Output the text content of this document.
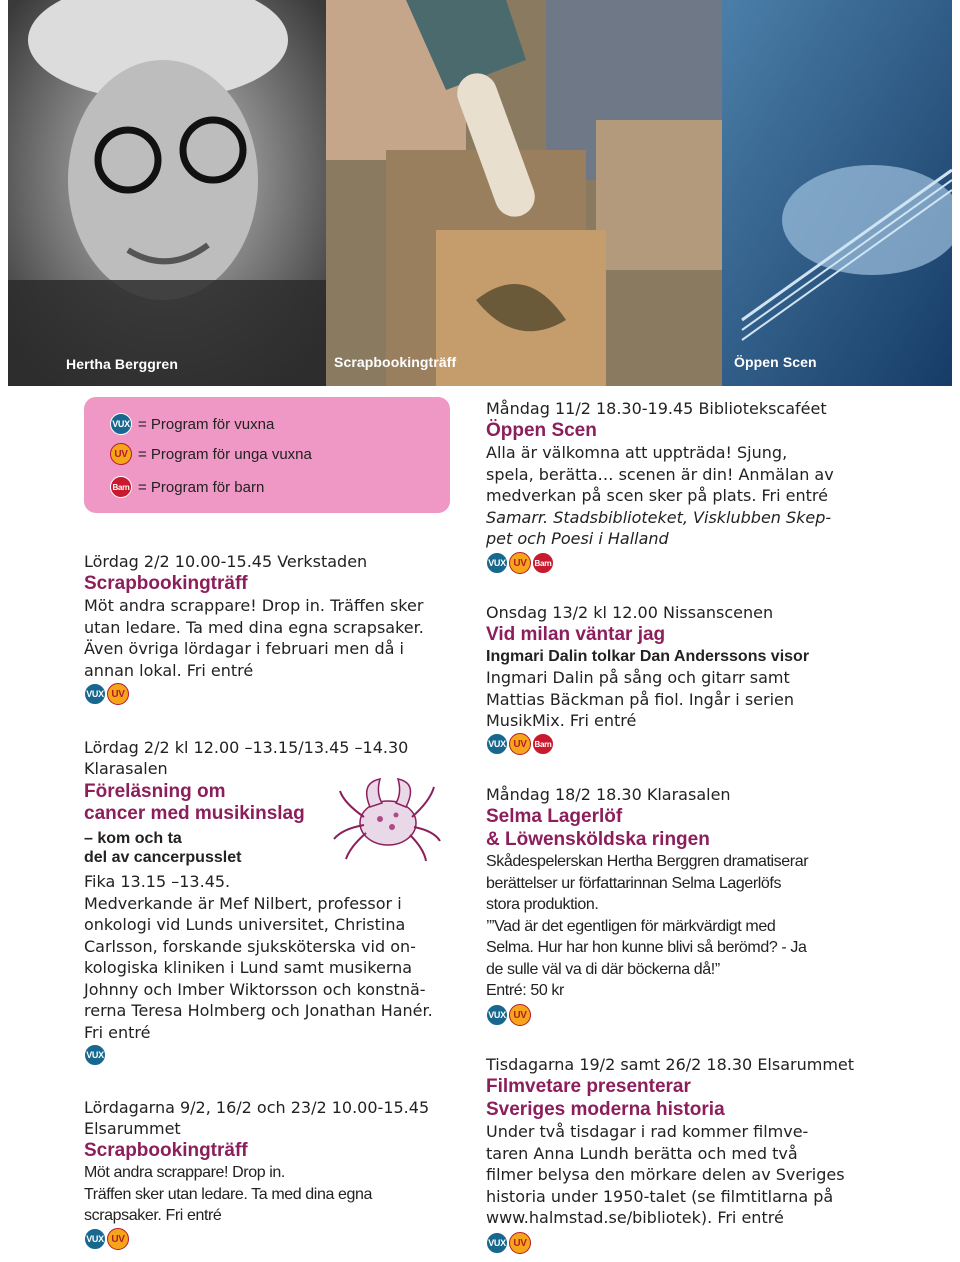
Hertha Berggren	Scrapbookingträff	Öppen Scen
VUX = Program för vuxna
UV = Program för unga vuxna
Barn = Program för barn
Lördag 2/2 10.00-15.45 Verkstaden
Scrapbookingträff
Möt andra scrappare! Drop in. Träffen sker
utan ledare. Ta med dina egna scrapsaker.
Även övriga lördagar i februari men då i
annan lokal. Fri entré
VUX UV
Lördag 2/2 kl 12.00 –13.15/13.45 –14.30
Klarasalen
Föreläsning om
cancer med musikinslag
– kom och ta
del av cancerpusslet
Fika 13.15 –13.45.
Medverkande är Mef Nilbert, professor i
onkologi vid Lunds universitet, Christina
Carlsson, forskande sjuksköterska vid on-
kologiska kliniken i Lund samt musikerna
Johnny och Imber Wiktorsson och konstnä-
rerna Teresa Holmberg och Jonathan Hanér.
Fri entré
VUX
Lördagarna 9/2, 16/2 och 23/2 10.00-15.45
Elsarummet
Scrapbookingträff
Möt andra scrappare! Drop in.
Träffen sker utan ledare. Ta med dina egna
scrapsaker. Fri entré
VUX UV
Måndag 11/2 18.30-19.45 Bibliotekscaféet
Öppen Scen
Alla är välkomna att uppträda! Sjung,
spela, berätta… scenen är din! Anmälan av
medverkan på scen sker på plats. Fri entré
Samarr. Stadsbiblioteket, Visklubben Skep-
pet och Poesi i Halland
VUX UV Barn
Onsdag 13/2 kl 12.00 Nissanscenen
Vid milan väntar jag
Ingmari Dalin tolkar Dan Anderssons visor
Ingmari Dalin på sång och gitarr samt
Mattias Bäckman på fiol. Ingår i serien
MusikMix. Fri entré
VUX UV Barn
Måndag 18/2 18.30 Klarasalen
Selma Lagerlöf
& Löwensköldska ringen
Skådespelerskan Hertha Berggren dramatiserar
berättelser ur författarinnan Selma Lagerlöfs
stora produktion.
’”Vad är det egentligen för märkvärdigt med
Selma. Hur har hon kunne blivi så berömd? - Ja
de sulle väl va di där böckerna då!”
Entré: 50 kr
VUX UV
Tisdagarna 19/2 samt 26/2 18.30 Elsarummet
Filmvetare presenterar
Sveriges moderna historia
Under två tisdagar i rad kommer filmve-
taren Anna Lundh berätta och med två
filmer belysa den mörkare delen av Sveriges
historia under 1950-talet (se filmtitlarna på
www.halmstad.se/bibliotek). Fri entré
VUX UV
